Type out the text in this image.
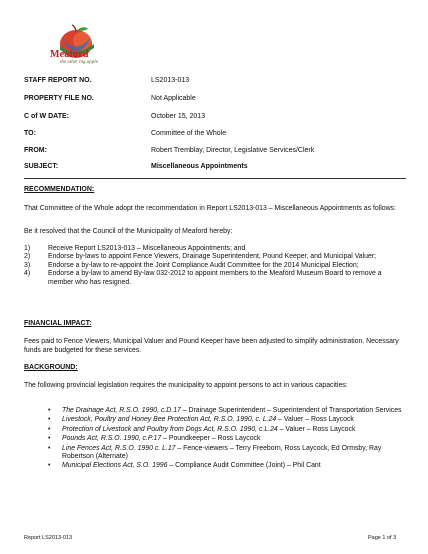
Meaford
the other big apple
STAFF REPORT NO.	LS2013-013
PROPERTY FILE NO.	Not Applicable
C of W DATE:	October 15, 2013
TO:	Committee of the Whole
FROM:	Robert Tremblay, Director, Legislative Services/Clerk
SUBJECT:	Miscellaneous Appointments
RECOMMENDATION:
That Committee of the Whole adopt the recommendation in Report LS2013-013 – Miscellaneous Appointments as follows:
Be it resolved that the Council of the Municipality of Meaford hereby:

1)	Receive Report LS2013-013 – Miscellaneous Appointments; and

2)	Endorse by-laws to appoint Fence Viewers, Drainage Superintendent, Pound Keeper, and Municipal Valuer;

3)	Endorse a by-law to re-appoint the Joint Compliance Audit Committee for the 2014 Municipal Election;

4)	Endorse a by-law to amend By-law 032-2012 to appoint members to the Meaford Museum Board to remove a member who has resigned.

FINANCIAL IMPACT:
Fees paid to Fence Viewers, Municipal Valuer and Pound Keeper have been adjusted to simplify administration. Necessary funds are budgeted for these services.
BACKGROUND:
The following provincial legislation requires the municipality to appoint persons to act in various capacities:

• The Drainage Act, R.S.O. 1990, c.D.17 – Drainage Superintendent – Superintendent of Transportation Services

• Livestock, Poultry and Honey Bee Protection Act, R.S.O. 1990, c. L.24 – Valuer – Ross Laycock

• Protection of Livestock and Poultry from Dogs Act, R.S.O. 1990, c.L.24 – Valuer – Ross Laycock

• Pounds Act, R.S.O. 1990, c.P.17 – Poundkeeper – Ross Laycock

• Line Fences Act, R.S.O. 1990 c. L.17 – Fence-viewers – Terry Freeborn, Ross Laycock, Ed Ormsby, Ray Robertson (Alternate)

• Municipal Elections Act, S.O. 1996 – Compliance Audit Committee (Joint) – Phil Cant

Report LS2013-013	Page 1 of 3
